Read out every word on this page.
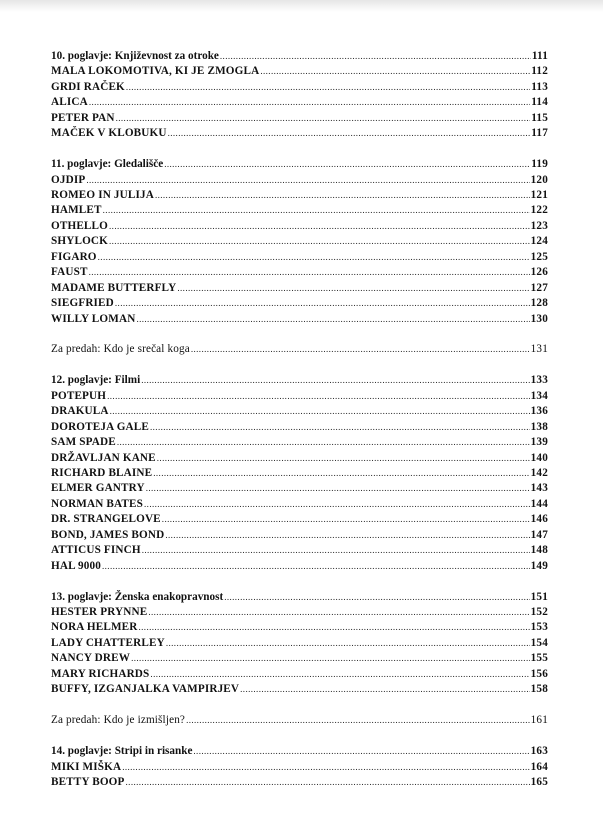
10. poglavje: Književnost za otroke .....	111
MALA LOKOMOTIVA, KI JE ZMOGLA .....	112
GRDI RAČEK .....	113
ALICA .....	114
PETER PAN .....	115
MAČEK V KLOBUKU .....	117
11. poglavje: Gledališče .....	119
OJDIP .....	120
ROMEO IN JULIJA .....	121
HAMLET .....	122
OTHELLO .....	123
SHYLOCK .....	124
FIGARO .....	125
FAUST .....	126
MADAME BUTTERFLY .....	127
SIEGFRIED .....	128
WILLY LOMAN .....	130
Za predah: Kdo je srečal koga .....	131
12. poglavje: Filmi .....	133
POTEPUH .....	134
DRAKULA .....	136
DOROTEJA GALE .....	138
SAM SPADE .....	139
DRŽAVLJAN KANE .....	140
RICHARD BLAINE .....	142
ELMER GANTRY .....	143
NORMAN BATES .....	144
DR. STRANGELOVE .....	146
BOND, JAMES BOND .....	147
ATTICUS FINCH .....	148
HAL 9000 .....	149
13. poglavje: Ženska enakopravnost .....	151
HESTER PRYNNE .....	152
NORA HELMER .....	153
LADY CHATTERLEY .....	154
NANCY DREW .....	155
MARY RICHARDS .....	156
BUFFY, IZGANJALKA VAMPIRJEV .....	158
Za predah: Kdo je izmišljen? .....	161
14. poglavje: Stripi in risanke .....	163
MIKI MIŠKA .....	164
BETTY BOOP .....	165
